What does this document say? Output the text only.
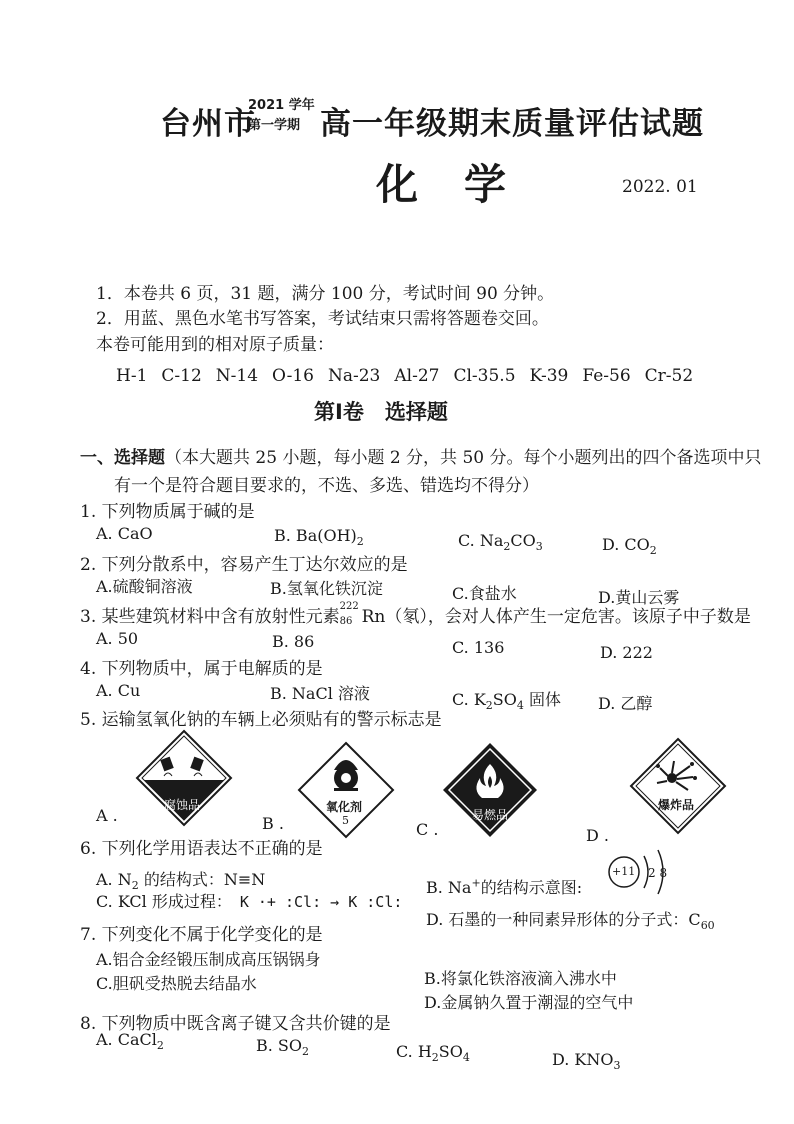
台州市
2021 学年
第一学期 高一年级期末质量评估试题
化学	2022. 01
1．本卷共 6 页，31 题，满分 100 分，考试时间 90 分钟。
2．用蓝、黑色水笔书写答案，考试结束只需将答题卷交回。
本卷可能用到的相对原子质量：
H-1 C-12 N-14 O-16 Na-23 Al-27 Cl-35.5 K-39 Fe-56 Cr-52
第Ⅰ卷　选择题
一、选择题（本大题共 25 小题，每小题 2 分，共 50 分。每个小题列出的四个备选项中只
有一个是符合题目要求的，不选、多选、错选均不得分）
1. 下列物质属于碱的是
A. CaO	B. $Ba(OH)_2$	C. $Na_2CO_3$	D. $CO_2$
2. 下列分散系中，容易产生丁达尔效应的是
A.硫酸铜溶液	B.氢氧化铁沉淀	C.食盐水	D.黄山云雾
3. 某些建筑材料中含有放射性元素
222
86 Rn（氡），会对人体产生一定危害。该原子中子数是
A. 50	B. 86	C. 136	D. 222
4. 下列物质中，属于电解质的是
A. Cu	B. NaCl 溶液	C. $K_2SO_4$ 固体 D. 乙醇
5. 运输氢氧化钠的车辆上必须贴有的警示标志是
A .	B .	C .	D .
腐蚀品	氧化剂
5	易燃品
爆炸品
6. 下列化学用语表达不正确的是
A. $N_2$ 的结构式：N≡N	B. Na+的结构示意图:
+11 2 8
C. KCl 形成过程： K ·+ :Cl: → K :Cl:
D. 石墨的一种同素异形体的分子式：$C_{60}$
7. 下列变化不属于化学变化的是
A.铝合金经锻压制成高压锅锅身
B.将氯化铁溶液滴入沸水中
C.胆矾受热脱去结晶水
D.金属钠久置于潮湿的空气中
8. 下列物质中既含离子键又含共价键的是
A. CaCl$_2$	B. $SO_2$	C. $H_2SO_4$	D. $KNO_3$
